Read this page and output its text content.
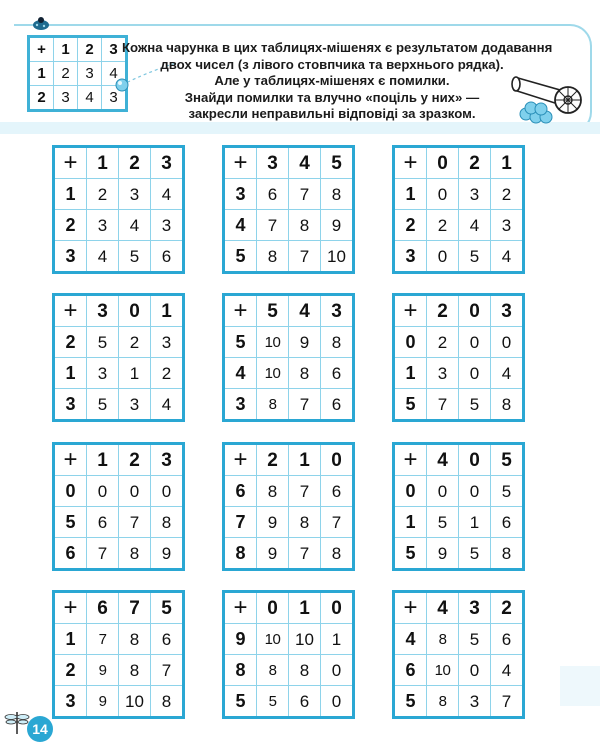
+	1	2	3
1	2	3	4
2	3	4	3
Кожна чарунка в цих таблицях-мішенях є результатом додавання
двох чисел (з лівого стовпчика та верхнього рядка).
Але у таблицях-мішенях є помилки.
Знайди помилки та влучно «поціль у них» —
закресли неправильні відповіді за зразком.
+	1	2	3
1	2	3	4
2	3	4	3
3	4	5	6
+	3	4	5
3	6	7	8
4	7	8	9
5	8	7	10
+	0	2	1
1	0	3	2
2	2	4	3
3	0	5	4
+	3	0	1
2	5	2	3
1	3	1	2
3	5	3	4
+	5	4	3
5	10	9	8
4	10	8	6
3	8	7	6
+	2	0	3
0	2	0	0
1	3	0	4
5	7	5	8
+	1	2	3
0	0	0	0
5	6	7	8
6	7	8	9
+	2	1	0
6	8	7	6
7	9	8	7
8	9	7	8
+	4	0	5
0	0	0	5
1	5	1	6
5	9	5	8
+	6	7	5
1	7	8	6
2	9	8	7
3	9	10	8
+	0	1	0
9	10	10	1
8	8	8	0
5	5	6	0
+	4	3	2
4	8	5	6
6	10	0	4
5	8	3	7
14
